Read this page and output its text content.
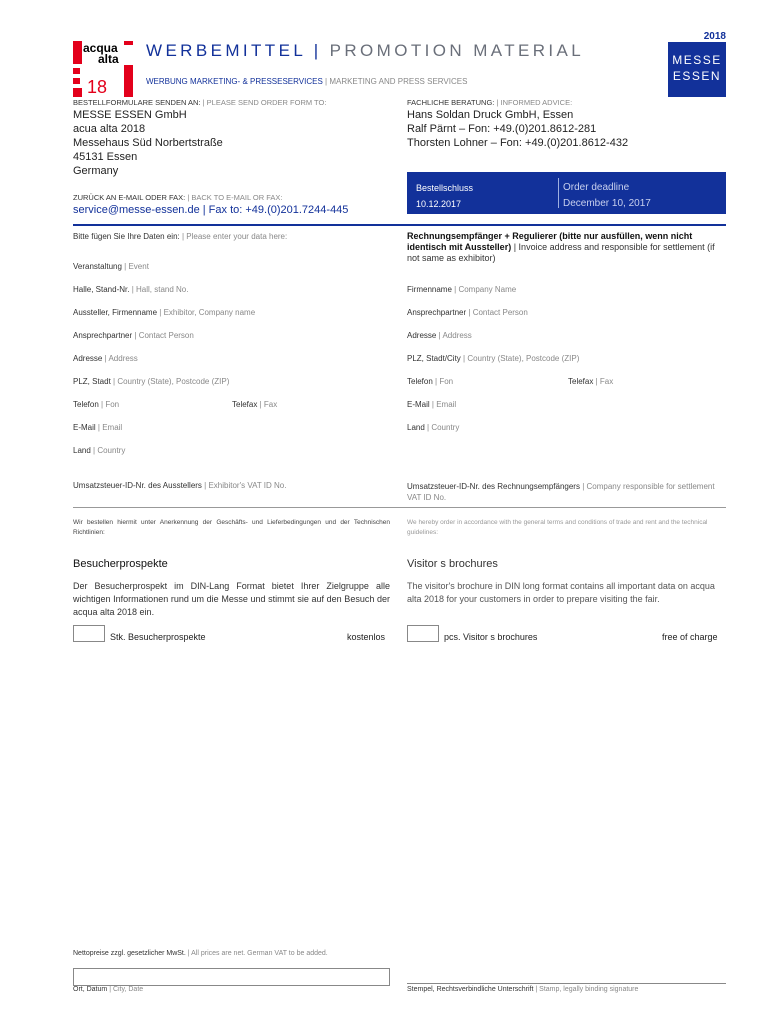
acqua
alta
18
WERBEMITTEL | PROMOTION MATERIAL
WERBUNG MARKETING- & PRESSESERVICES | MARKETING AND PRESS SERVICES
2018
MESSE
ESSEN
BESTELLFORMULARE SENDEN AN: | PLEASE SEND ORDER FORM TO:
MESSE ESSEN GmbH
acua alta 2018
Messehaus Süd Norbertstraße
45131 Essen
Germany
ZURÜCK AN E-MAIL ODER FAX: | BACK TO E-MAIL OR FAX:
service@messe-essen.de | Fax to: +49.(0)201.7244-445
FACHLICHE BERATUNG: | INFORMED ADVICE:
Hans Soldan Druck GmbH, Essen
Ralf Pärnt – Fon: +49.(0)201.8612-281
Thorsten Lohner – Fon: +49.(0)201.8612-432
Bestellschluss
10.12.2017
Order deadline
December 10, 2017
Bitte fügen Sie Ihre Daten ein: | Please enter your data here:
Veranstaltung | Event
Halle, Stand-Nr. | Hall, stand No.
Aussteller, Firmenname | Exhibitor, Company name
Ansprechpartner | Contact Person
Adresse | Address
PLZ, Stadt | Country (State), Postcode (ZIP)
Telefon | Fon	Telefax | Fax
E-Mail | Email
Land | Country
Umsatzsteuer-ID-Nr. des Ausstellers | Exhibitor's VAT ID No.
Rechnungsempfänger + Regulierer (bitte nur ausfüllen, wenn nicht identisch mit Aussteller) | Invoice address and responsible for settlement (if not same as exhibitor)
Firmenname | Company Name
Ansprechpartner | Contact Person
Adresse | Address
PLZ, Stadt/City | Country (State), Postcode (ZIP)
Telefon | Fon	Telefax | Fax
E-Mail | Email
Land | Country
Umsatzsteuer-ID-Nr. des Rechnungsempfängers | Company responsible for settlement VAT ID No.
Wir bestellen hiermit unter Anerkennung der Geschäfts- und Lieferbedingungen und der Technischen Richtlinien:
We hereby order in accordance with the general terms and conditions of trade and rent and the technical guidelines:
Besucherprospekte	Visitor s brochures
Der Besucherprospekt im DIN-Lang Format bietet Ihrer Zielgruppe alle wichtigen Informationen rund um die Messe und stimmt sie auf den Besuch der acqua alta 2018 ein.
The visitor's brochure in DIN long format contains all important data on acqua alta 2018 for your customers in order to prepare visiting the fair.
Stk. Besucherprospekte	kostenlos	pcs. Visitor s brochures	free of charge
Nettopreise zzgl. gesetzlicher MwSt. | All prices are net. German VAT to be added.
Ort, Datum | City, Date	Stempel, Rechtsverbindliche Unterschrift | Stamp, legally binding signature
